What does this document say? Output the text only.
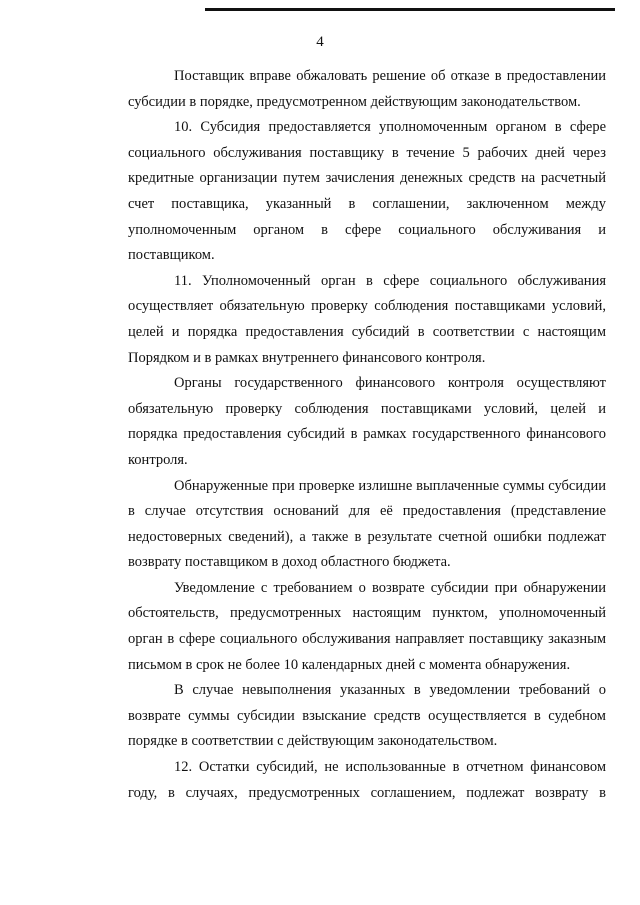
4

Поставщик вправе обжаловать решение об отказе в предоставлении субсидии в порядке, предусмотренном действующим законодательством.

10. Субсидия предоставляется уполномоченным органом в сфере социального обслуживания поставщику в течение 5 рабочих дней через кредитные организации путем зачисления денежных средств на расчетный счет поставщика, указанный в соглашении, заключенном между уполномоченным органом в сфере социального обслуживания и поставщиком.

11. Уполномоченный орган в сфере социального обслуживания осуществляет обязательную проверку соблюдения поставщиками условий, целей и порядка предоставления субсидий в соответствии с настоящим Порядком и в рамках внутреннего финансового контроля.

Органы государственного финансового контроля осуществляют обязательную проверку соблюдения поставщиками условий, целей и порядка предоставления субсидий в рамках государственного финансового контроля.

Обнаруженные при проверке излишне выплаченные суммы субсидии в случае отсутствия оснований для её предоставления (представление недостоверных сведений), а также в результате счетной ошибки подлежат возврату поставщиком в доход областного бюджета.

Уведомление с требованием о возврате субсидии при обнаружении обстоятельств, предусмотренных настоящим пунктом, уполномоченный орган в сфере социального обслуживания направляет поставщику заказным письмом в срок не более 10 календарных дней с момента обнаружения.

В случае невыполнения указанных в уведомлении требований о возврате суммы субсидии взыскание средств осуществляется в судебном порядке в соответствии с действующим законодательством.

12. Остатки субсидий, не использованные в отчетном финансовом году, в случаях, предусмотренных соглашением, подлежат возврату в
